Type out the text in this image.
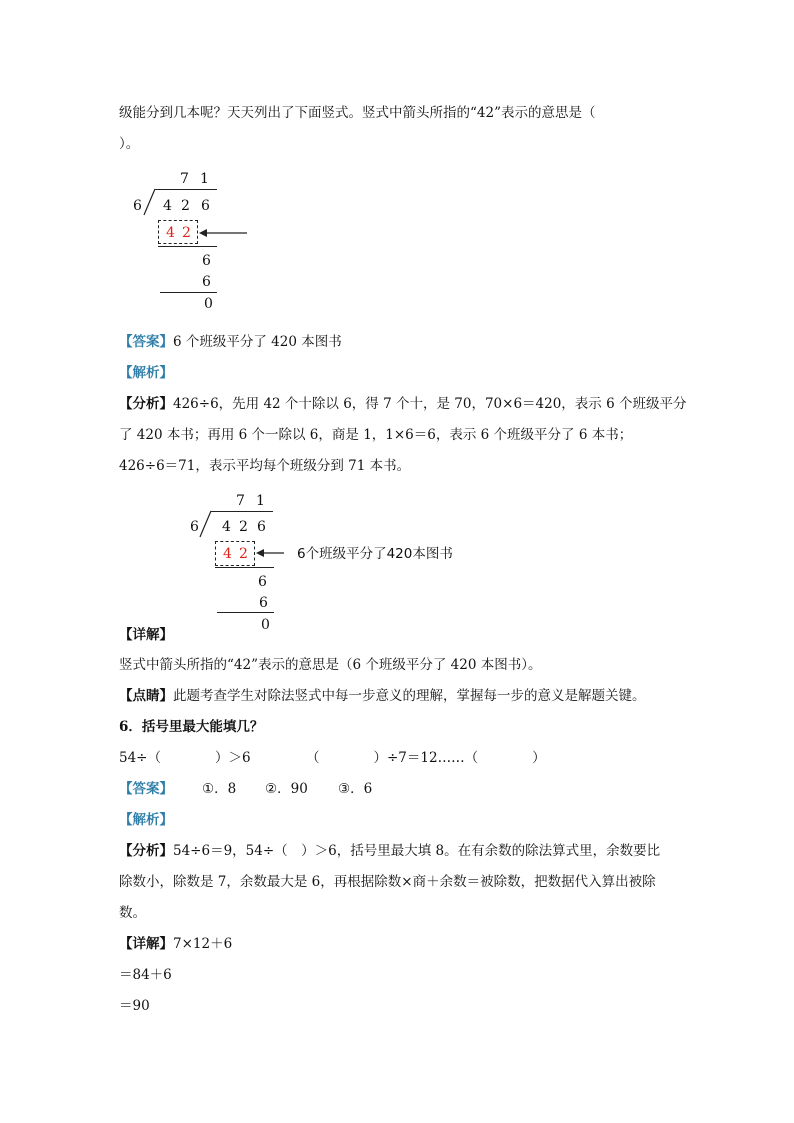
级能分到几本呢？天天列出了下面竖式。竖式中箭头所指的“42”表示的意思是（
）。
7 1
6 4 2 6
4 2
6
6
0
【答案】6 个班级平分了 420 本图书
【解析】
【分析】426÷6，先用 42 个十除以 6，得 7 个十，是 70，70×6＝420，表示 6 个班级平分
了 420 本书；再用 6 个一除以 6，商是 1，1×6＝6，表示 6 个班级平分了 6 本书；
426÷6＝71，表示平均每个班级分到 71 本书。
7 1
6 4 2 6
4 2	6个班级平分了420本图书
6
6
0
【详解】
竖式中箭头所指的“42”表示的意思是（6 个班级平分了 420 本图书）。
【点睛】此题考查学生对除法竖式中每一步意义的理解，掌握每一步的意义是解题关键。
6．括号里最大能填几？
54÷（　　　　）＞6	（　　　　）÷7＝12……（　　　　）
【答案】 ①．8 ②．90 ③．6
【解析】
【分析】54÷6＝9，54÷（　）＞6，括号里最大填 8。在有余数的除法算式里，余数要比
除数小，除数是 7，余数最大是 6，再根据除数×商＋余数＝被除数，把数据代入算出被除
数。
【详解】7×12＋6
＝84＋6
＝90
